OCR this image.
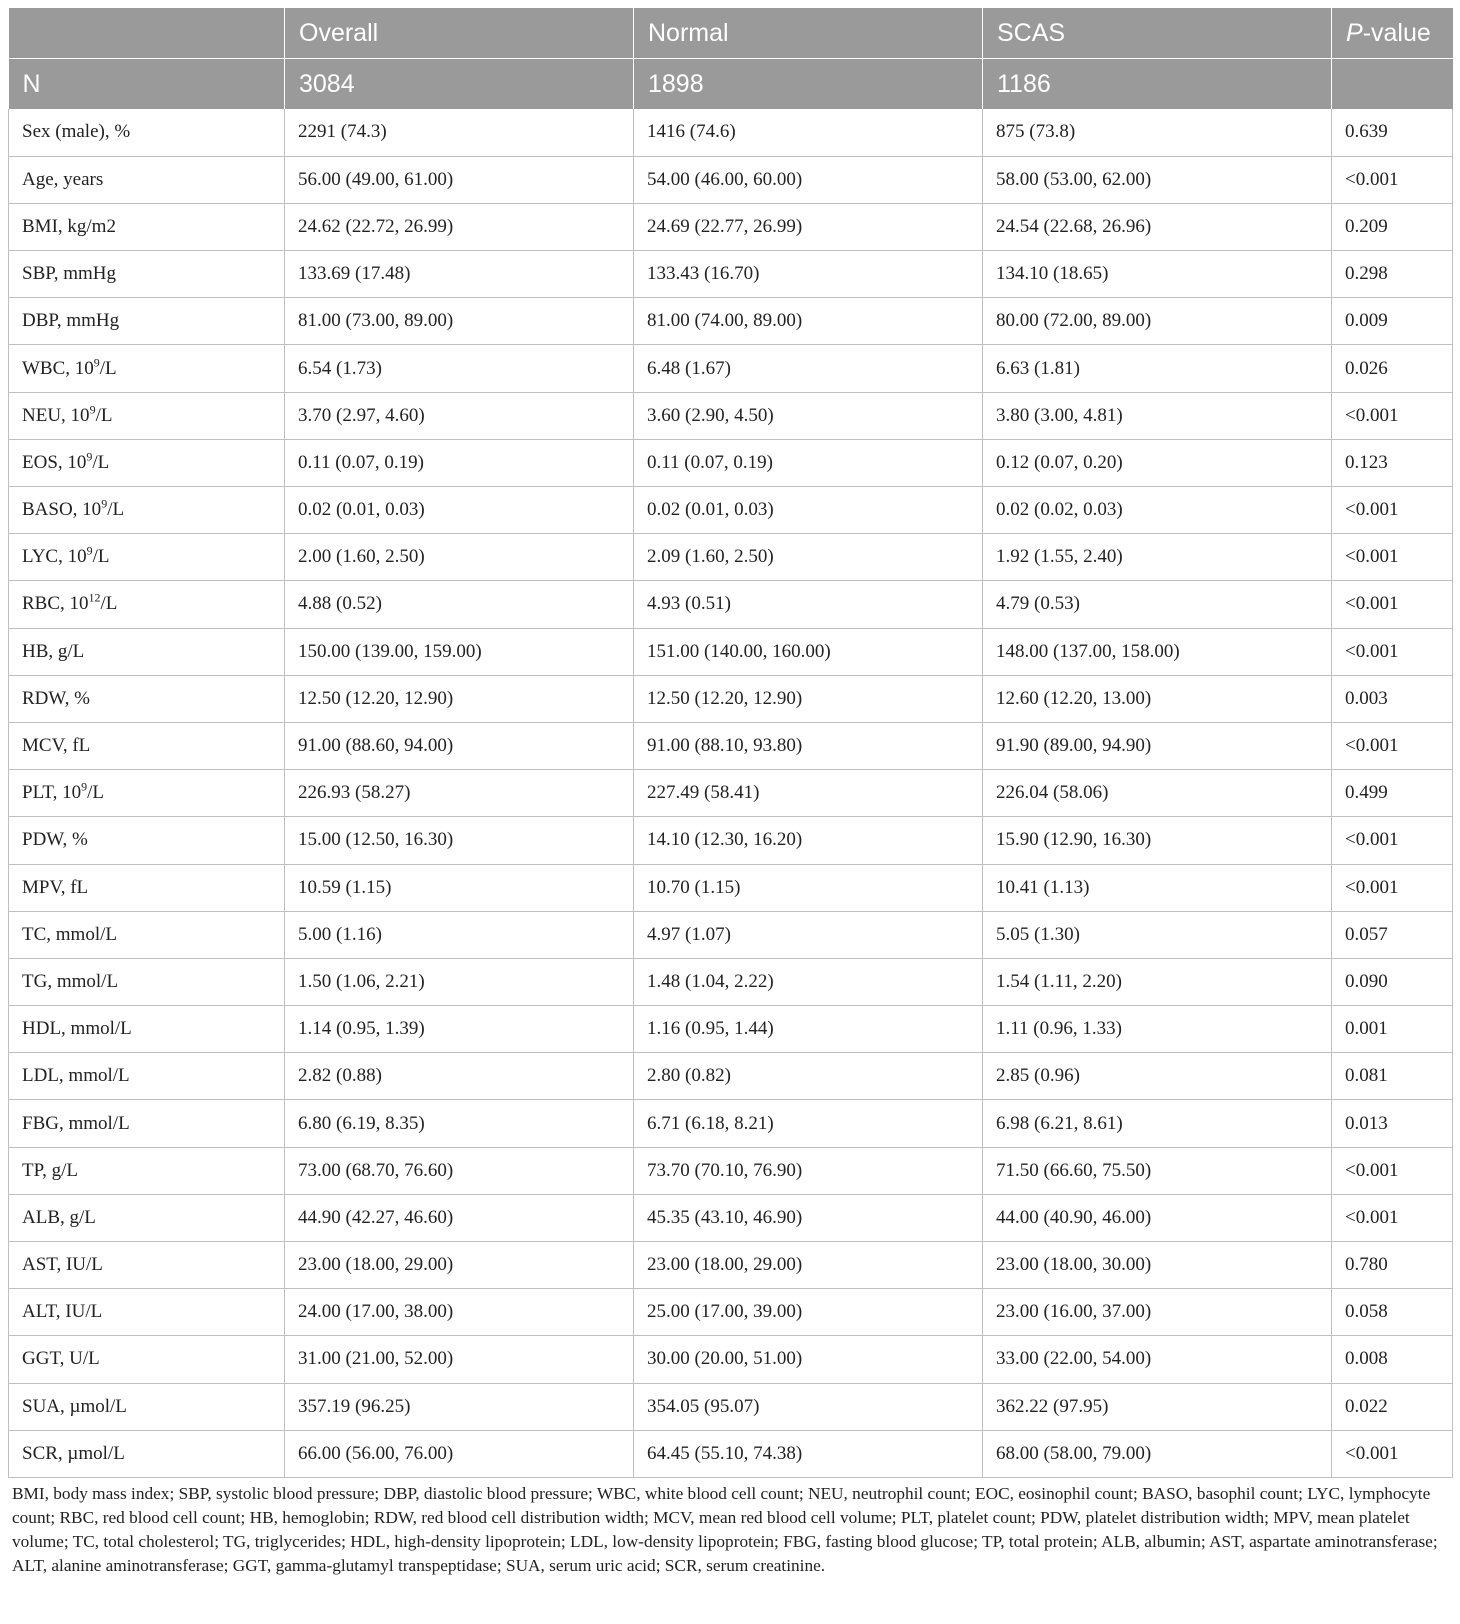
	Overall	Normal	SCAS	P-value
N	3084	1898	1186	
Sex (male), %	2291 (74.3)	1416 (74.6)	875 (73.8)	0.639
Age, years	56.00 (49.00, 61.00)	54.00 (46.00, 60.00)	58.00 (53.00, 62.00)	<0.001
BMI, kg/m2	24.62 (22.72, 26.99)	24.69 (22.77, 26.99)	24.54 (22.68, 26.96)	0.209
SBP, mmHg	133.69 (17.48)	133.43 (16.70)	134.10 (18.65)	0.298
DBP, mmHg	81.00 (73.00, 89.00)	81.00 (74.00, 89.00)	80.00 (72.00, 89.00)	0.009
WBC, $10^9/L$	6.54 (1.73)	6.48 (1.67)	6.63 (1.81)	0.026
NEU, $10^9/L$	3.70 (2.97, 4.60)	3.60 (2.90, 4.50)	3.80 (3.00, 4.81)	<0.001
EOS, $10^9/L$	0.11 (0.07, 0.19)	0.11 (0.07, 0.19)	0.12 (0.07, 0.20)	0.123
BASO, $10^9/L$	0.02 (0.01, 0.03)	0.02 (0.01, 0.03)	0.02 (0.02, 0.03)	<0.001
LYC, $10^9/L$	2.00 (1.60, 2.50)	2.09 (1.60, 2.50)	1.92 (1.55, 2.40)	<0.001
RBC, $10^{12}/L$	4.88 (0.52)	4.93 (0.51)	4.79 (0.53)	<0.001
HB, g/L	150.00 (139.00, 159.00)	151.00 (140.00, 160.00)	148.00 (137.00, 158.00)	<0.001
RDW, %	12.50 (12.20, 12.90)	12.50 (12.20, 12.90)	12.60 (12.20, 13.00)	0.003
MCV, fL	91.00 (88.60, 94.00)	91.00 (88.10, 93.80)	91.90 (89.00, 94.90)	<0.001
PLT, $10^9/L$	226.93 (58.27)	227.49 (58.41)	226.04 (58.06)	0.499
PDW, %	15.00 (12.50, 16.30)	14.10 (12.30, 16.20)	15.90 (12.90, 16.30)	<0.001
MPV, fL	10.59 (1.15)	10.70 (1.15)	10.41 (1.13)	<0.001
TC, mmol/L	5.00 (1.16)	4.97 (1.07)	5.05 (1.30)	0.057
TG, mmol/L	1.50 (1.06, 2.21)	1.48 (1.04, 2.22)	1.54 (1.11, 2.20)	0.090
HDL, mmol/L	1.14 (0.95, 1.39)	1.16 (0.95, 1.44)	1.11 (0.96, 1.33)	0.001
LDL, mmol/L	2.82 (0.88)	2.80 (0.82)	2.85 (0.96)	0.081
FBG, mmol/L	6.80 (6.19, 8.35)	6.71 (6.18, 8.21)	6.98 (6.21, 8.61)	0.013
TP, g/L	73.00 (68.70, 76.60)	73.70 (70.10, 76.90)	71.50 (66.60, 75.50)	<0.001
ALB, g/L	44.90 (42.27, 46.60)	45.35 (43.10, 46.90)	44.00 (40.90, 46.00)	<0.001
AST, IU/L	23.00 (18.00, 29.00)	23.00 (18.00, 29.00)	23.00 (18.00, 30.00)	0.780
ALT, IU/L	24.00 (17.00, 38.00)	25.00 (17.00, 39.00)	23.00 (16.00, 37.00)	0.058
GGT, U/L	31.00 (21.00, 52.00)	30.00 (20.00, 51.00)	33.00 (22.00, 54.00)	0.008
SUA, µmol/L	357.19 (96.25)	354.05 (95.07)	362.22 (97.95)	0.022
SCR, µmol/L	66.00 (56.00, 76.00)	64.45 (55.10, 74.38)	68.00 (58.00, 79.00)	<0.001
BMI, body mass index; SBP, systolic blood pressure; DBP, diastolic blood pressure; WBC, white blood cell count; NEU, neutrophil count; EOC, eosinophil count; BASO, basophil count; LYC, lymphocyte count; RBC, red blood cell count; HB, hemoglobin; RDW, red blood cell distribution width; MCV, mean red blood cell volume; PLT, platelet count; PDW, platelet distribution width; MPV, mean platelet volume; TC, total cholesterol; TG, triglycerides; HDL, high-density lipoprotein; LDL, low-density lipoprotein; FBG, fasting blood glucose; TP, total protein; ALB, albumin; AST, aspartate aminotransferase; ALT, alanine aminotransferase; GGT, gamma-glutamyl transpeptidase; SUA, serum uric acid; SCR, serum creatinine.
